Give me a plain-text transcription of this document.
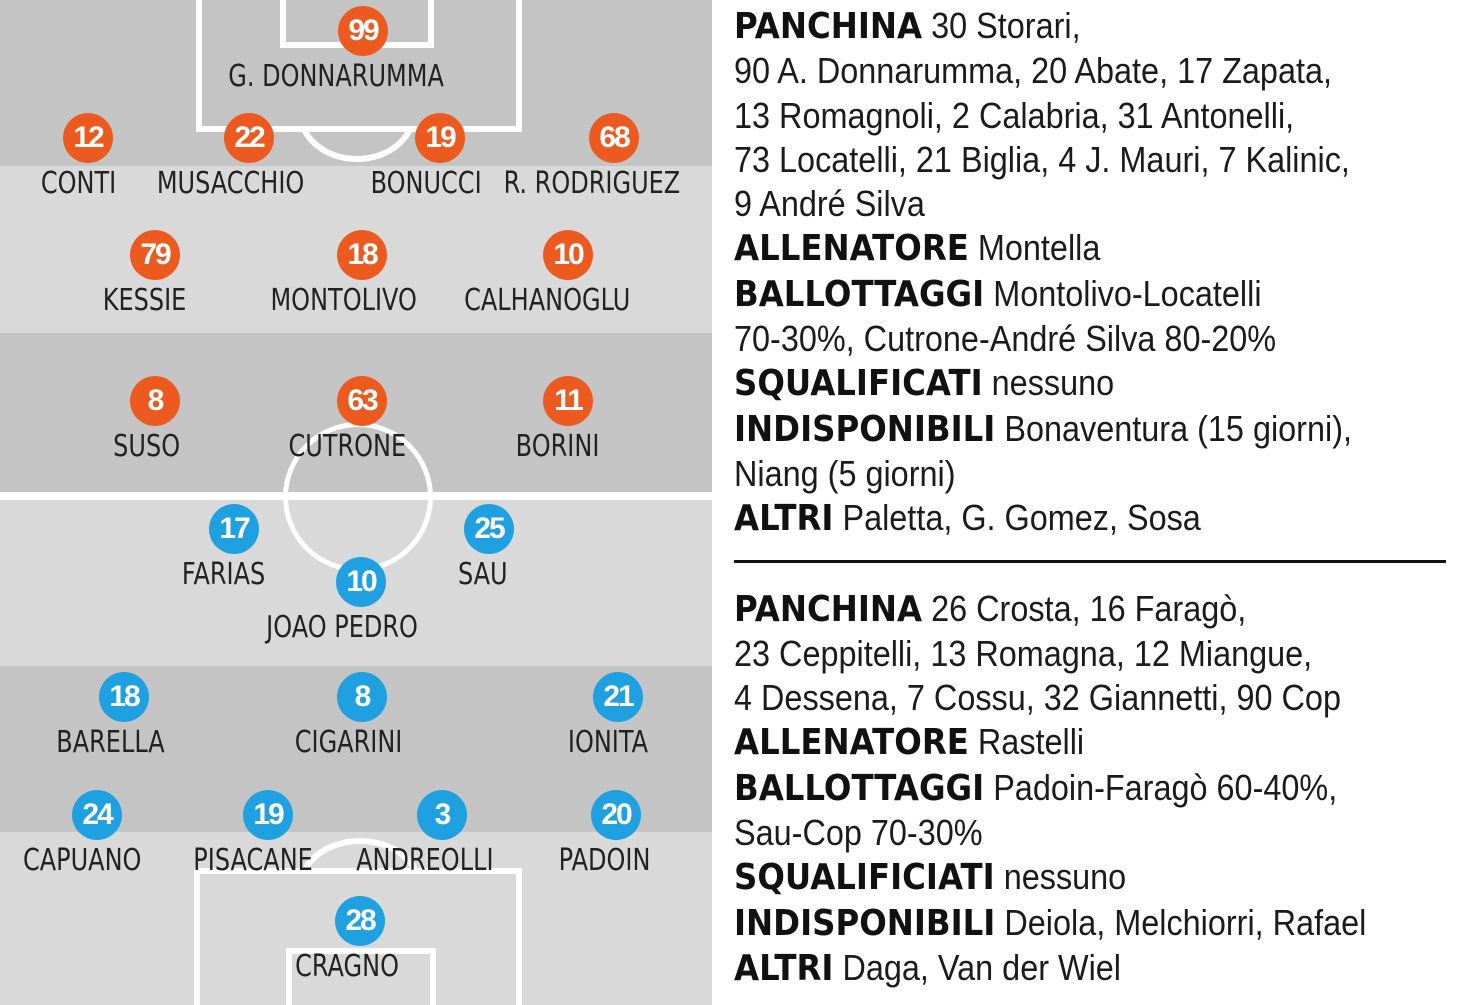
99
G. DONNARUMMA
12
CONTI
22
MUSACCHIO
19
BONUCCI
68
R. RODRIGUEZ
79
KESSIE
18
MONTOLIVO
10
CALHANOGLU
8
SUSO
63
CUTRONE
11
BORINI
17
FARIAS
25
SAU
10
JOAO PEDRO
18
BARELLA
8
CIGARINI
21
IONITA
24
CAPUANO
19
PISACANE
3
ANDREOLLI
20
PADOIN
28
CRAGNO
PANCHINA 30 Storari,
90 A. Donnarumma, 20 Abate, 17 Zapata,
13 Romagnoli, 2 Calabria, 31 Antonelli,
73 Locatelli, 21 Biglia, 4 J. Mauri, 7 Kalinic,
9 André Silva
ALLENATORE Montella
BALLOTTAGGI Montolivo-Locatelli
70-30%, Cutrone-André Silva 80-20%
SQUALIFICATI nessuno
INDISPONIBILI Bonaventura (15 giorni),
Niang (5 giorni)
ALTRI Paletta, G. Gomez, Sosa
PANCHINA 26 Crosta, 16 Faragò,
23 Ceppitelli, 13 Romagna, 12 Miangue,
4 Dessena, 7 Cossu, 32 Giannetti, 90 Cop
ALLENATORE Rastelli
BALLOTTAGGI Padoin-Faragò 60-40%,
Sau-Cop 70-30%
SQUALIFICIATI nessuno
INDISPONIBILI Deiola, Melchiorri, Rafael
ALTRI Daga, Van der Wiel
